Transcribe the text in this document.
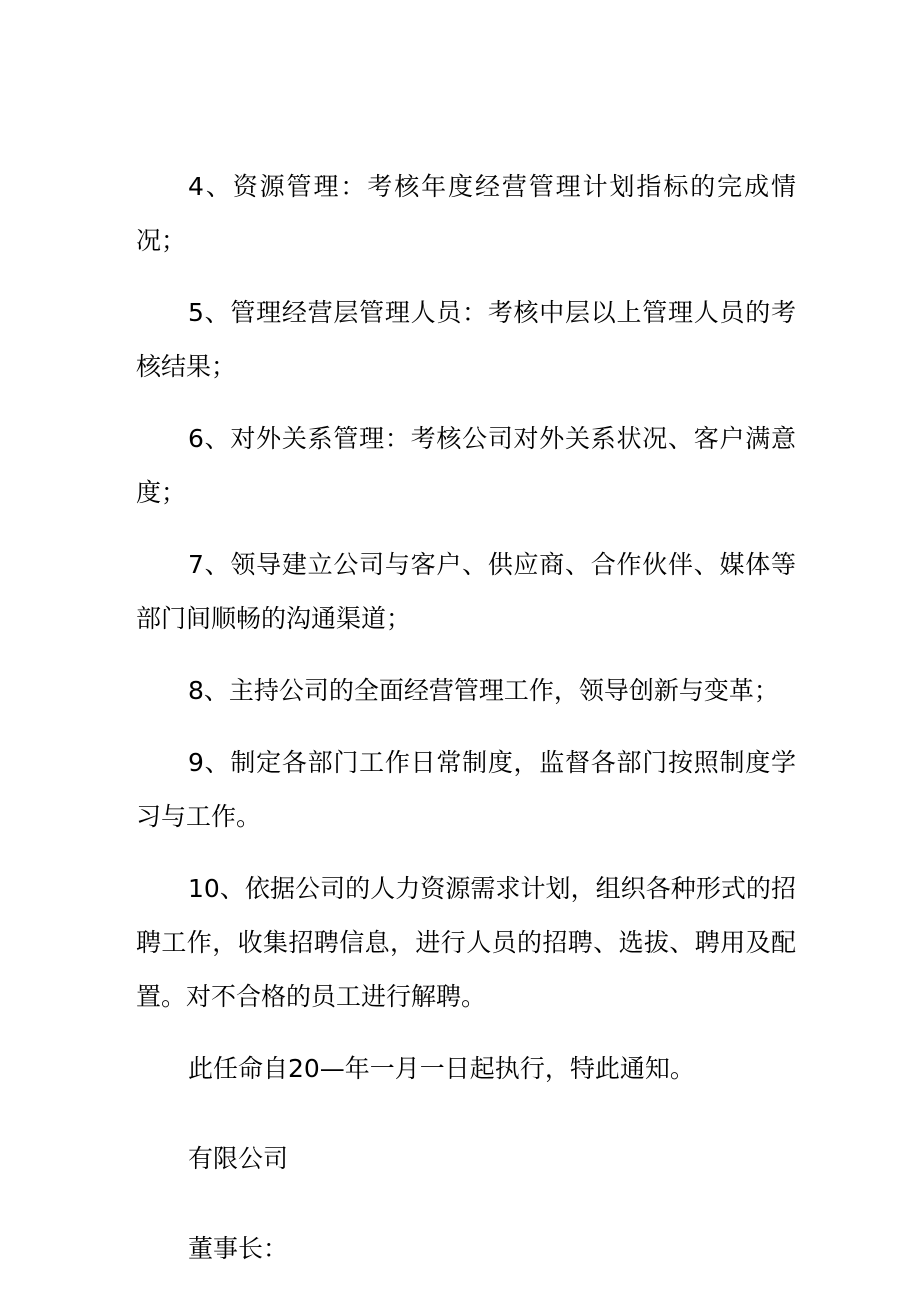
4、资源管理：考核年度经营管理计划指标的完成情况；

5、管理经营层管理人员：考核中层以上管理人员的考核结果；

6、对外关系管理：考核公司对外关系状况、客户满意度；

7、领导建立公司与客户、供应商、合作伙伴、媒体等部门间顺畅的沟通渠道；

8、主持公司的全面经营管理工作，领导创新与变革；

9、制定各部门工作日常制度，监督各部门按照制度学习与工作。

10、依据公司的人力资源需求计划，组织各种形式的招聘工作，收集招聘信息，进行人员的招聘、选拔、聘用及配置。对不合格的员工进行解聘。

此任命自20—年一月一日起执行，特此通知。

有限公司

董事长：
